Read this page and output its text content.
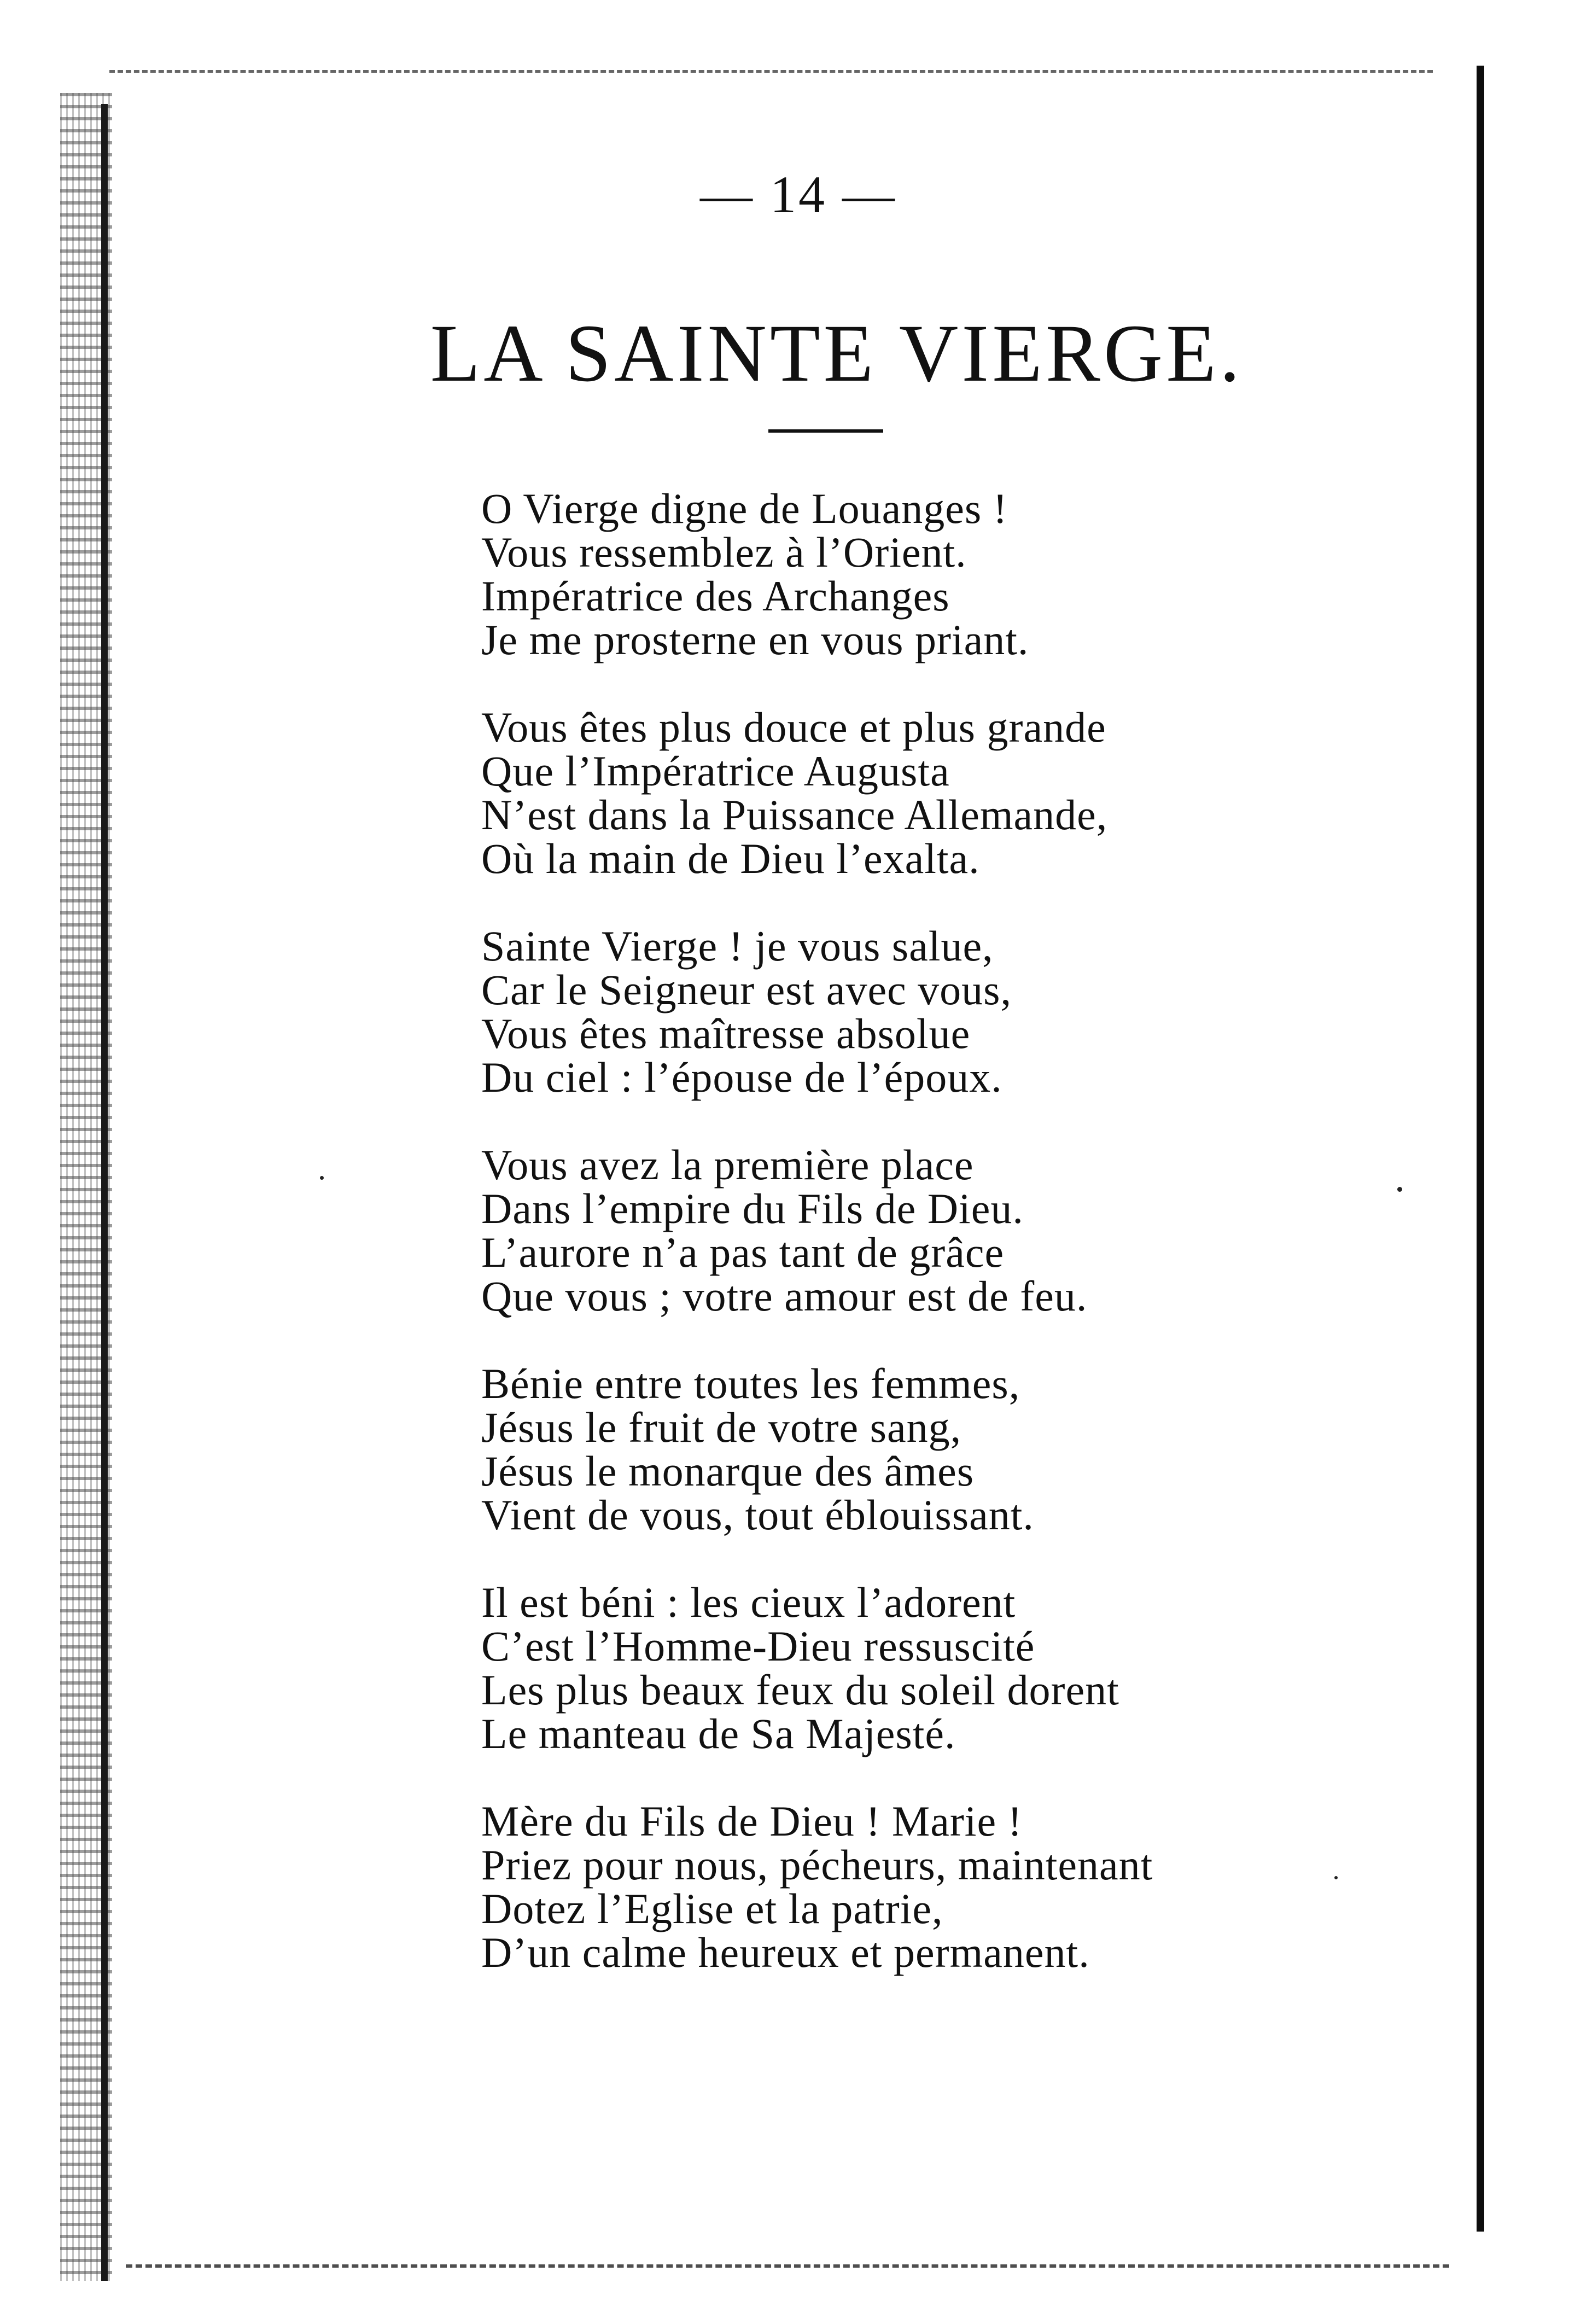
— 14 —
LA SAINTE VIERGE.
O Vierge digne de Louanges !
Vous ressemblez à l’Orient.
Impératrice des Archanges
Je me prosterne en vous priant.
Vous êtes plus douce et plus grande
Que l’Impératrice Augusta
N’est dans la Puissance Allemande,
Où la main de Dieu l’exalta.
Sainte Vierge ! je vous salue,
Car le Seigneur est avec vous,
Vous êtes maîtresse absolue
Du ciel : l’épouse de l’époux.
Vous avez la première place
Dans l’empire du Fils de Dieu.
L’aurore n’a pas tant de grâce
Que vous ; votre amour est de feu.
Bénie entre toutes les femmes,
Jésus le fruit de votre sang,
Jésus le monarque des âmes
Vient de vous, tout éblouissant.
Il est béni : les cieux l’adorent
C’est l’Homme-Dieu ressuscité
Les plus beaux feux du soleil dorent
Le manteau de Sa Majesté.
Mère du Fils de Dieu ! Marie !
Priez pour nous, pécheurs, maintenant
Dotez l’Eglise et la patrie,
D’un calme heureux et permanent.
